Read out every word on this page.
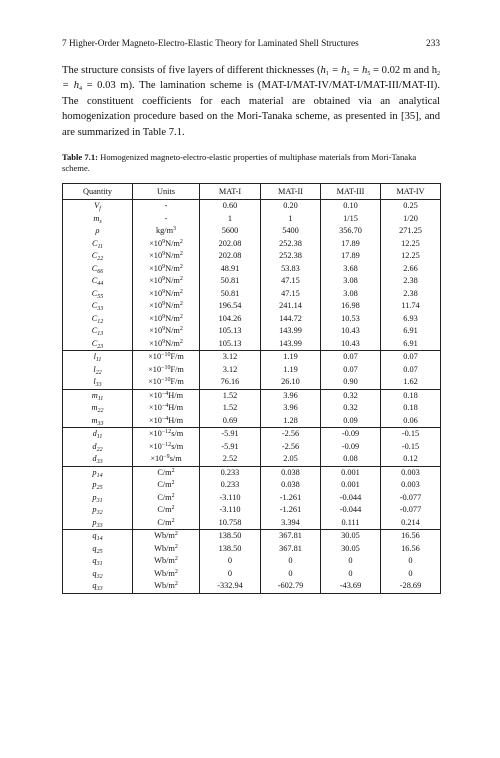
7 Higher-Order Magneto-Electro-Elastic Theory for Laminated Shell Structures	233

The structure consists of five layers of different thicknesses ($h_1 = h_3 = h_5 = 0.02$ m and $h_2 = h_4 = 0.03$ m). The lamination scheme is (MAT-I/MAT-IV/MAT-I/MAT-III/MAT-II). The constituent coefficients for each material are obtained via an analytical homogenization procedure based on the Mori-Tanaka scheme, as presented in [35], and are summarized in Table 7.1.

Table 7.1: Homogenized magneto-electro-elastic properties of multiphase materials from Mori-Tanaka scheme.

Quantity	Units	MAT-I	MAT-II	MAT-III	MAT-IV
$V_f$	-	0.60	0.20	0.10	0.25
$m_s$	-	1	1	1/15	1/20
ρ	$kg/m^3$	5600	5400	356.70	271.25
$C_{11}$	$\times 10^9N/m^2$	202.08	252.38	17.89	12.25
$C_{22}$	$\times 10^9N/m^2$	202.08	252.38	17.89	12.25
$C_{66}$	$\times 10^9N/m^2$	48.91	53.83	3.68	2.66
$C_{44}$	$\times 10^9N/m^2$	50.81	47.15	3.08	2.38
$C_{55}$	$\times 10^9N/m^2$	50.81	47.15	3.08	2.38
$C_{33}$	$\times 10^9N/m^2$	196.54	241.14	16.98	11.74
$C_{12}$	$\times 10^9N/m^2$	104.26	144.72	10.53	6.93
$C_{13}$	$\times 10^9N/m^2$	105.13	143.99	10.43	6.91
$C_{23}$	$\times 10^9N/m^2$	105.13	143.99	10.43	6.91
$l_{11}$	$\times 10^{-10}F/m$	3.12	1.19	0.07	0.07
$l_{22}$	$\times 10^{-10}F/m$	3.12	1.19	0.07	0.07
$l_{33}$	$\times 10^{-10}F/m$	76.16	26.10	0.90	1.62
$m_{11}$	$\times 10^{-4}H/m$	1.52	3.96	0.32	0.18
$m_{22}$	$\times 10^{-4}H/m$	1.52	3.96	0.32	0.18
$m_{33}$	$\times 10^{-4}H/m$	0.69	1.28	0.09	0.06
$d_{11}$	$\times 10^{-12}s/m$	-5.91	-2.56	-0.09	-0.15
$d_{22}$	$\times 10^{-12}s/m$	-5.91	-2.56	-0.09	-0.15
$d_{33}$	$\times 10^{-9}s/m$	2.52	2.05	0.08	0.12
$p_{14}$	$C/m^2$	0.233	0.038	0.001	0.003
$p_{25}$	$C/m^2$	0.233	0.038	0.001	0.003
$p_{31}$	$C/m^2$	-3.110	-1.261	-0.044	-0.077
$p_{32}$	$C/m^2$	-3.110	-1.261	-0.044	-0.077
$p_{33}$	$C/m^2$	10.758	3.394	0.111	0.214
$q_{14}$	$Wb/m^2$	138.50	367.81	30.05	16.56
$q_{25}$	$Wb/m^2$	138.50	367.81	30.05	16.56
$q_{31}$	$Wb/m^2$	0	0	0	0
$q_{32}$	$Wb/m^2$	0	0	0	0
$q_{33}$	$Wb/m^2$	-332.94	-602.79	-43.69	-28.69
